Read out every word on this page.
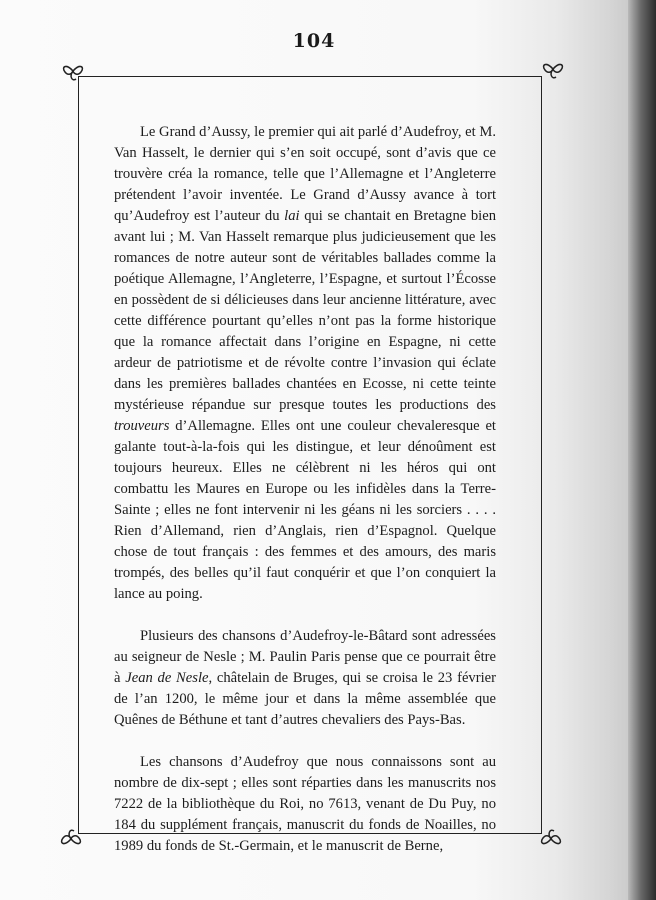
104

Le Grand d’Aussy, le premier qui ait parlé d’Audefroy, et M. Van Hasselt, le dernier qui s’en soit occupé, sont d’avis que ce trouvère créa la romance, telle que l’Allemagne et l’Angleterre prétendent l’avoir inventée. Le Grand d’Aussy avance à tort qu’Audefroy est l’auteur du lai qui se chantait en Bretagne bien avant lui ; M. Van Hasselt remarque plus judicieusement que les romances de notre auteur sont de véritables ballades comme la poétique Allemagne, l’Angleterre, l’Espagne, et surtout l’Écosse en possèdent de si délicieuses dans leur ancienne littérature, avec cette différence pourtant qu’elles n’ont pas la forme historique que la romance affectait dans l’origine en Espagne, ni cette ardeur de patriotisme et de révolte contre l’invasion qui éclate dans les premières ballades chantées en Ecosse, ni cette teinte mystérieuse répandue sur presque toutes les productions des trouveurs d’Allemagne. Elles ont une couleur chevaleresque et galante tout-à-la-fois qui les distingue, et leur dénoûment est toujours heureux. Elles ne célèbrent ni les héros qui ont combattu les Maures en Europe ou les infidèles dans la Terre-Sainte ; elles ne font intervenir ni les géans ni les sorciers . . . . Rien d’Allemand, rien d’Anglais, rien d’Espagnol. Quelque chose de tout français : des femmes et des amours, des maris trompés, des belles qu’il faut conquérir et que l’on conquiert la lance au poing.

Plusieurs des chansons d’Audefroy-le-Bâtard sont adressées au seigneur de Nesle ; M. Paulin Paris pense que ce pourrait être à Jean de Nesle, châtelain de Bruges, qui se croisa le 23 février de l’an 1200, le même jour et dans la même assemblée que Quênes de Béthune et tant d’autres chevaliers des Pays-Bas.

Les chansons d’Audefroy que nous connaissons sont au nombre de dix-sept ; elles sont réparties dans les manuscrits nos 7222 de la bibliothèque du Roi, no 7613, venant de Du Puy, no 184 du supplément français, manuscrit du fonds de Noailles, no 1989 du fonds de St.-Germain, et le manuscrit de Berne,
